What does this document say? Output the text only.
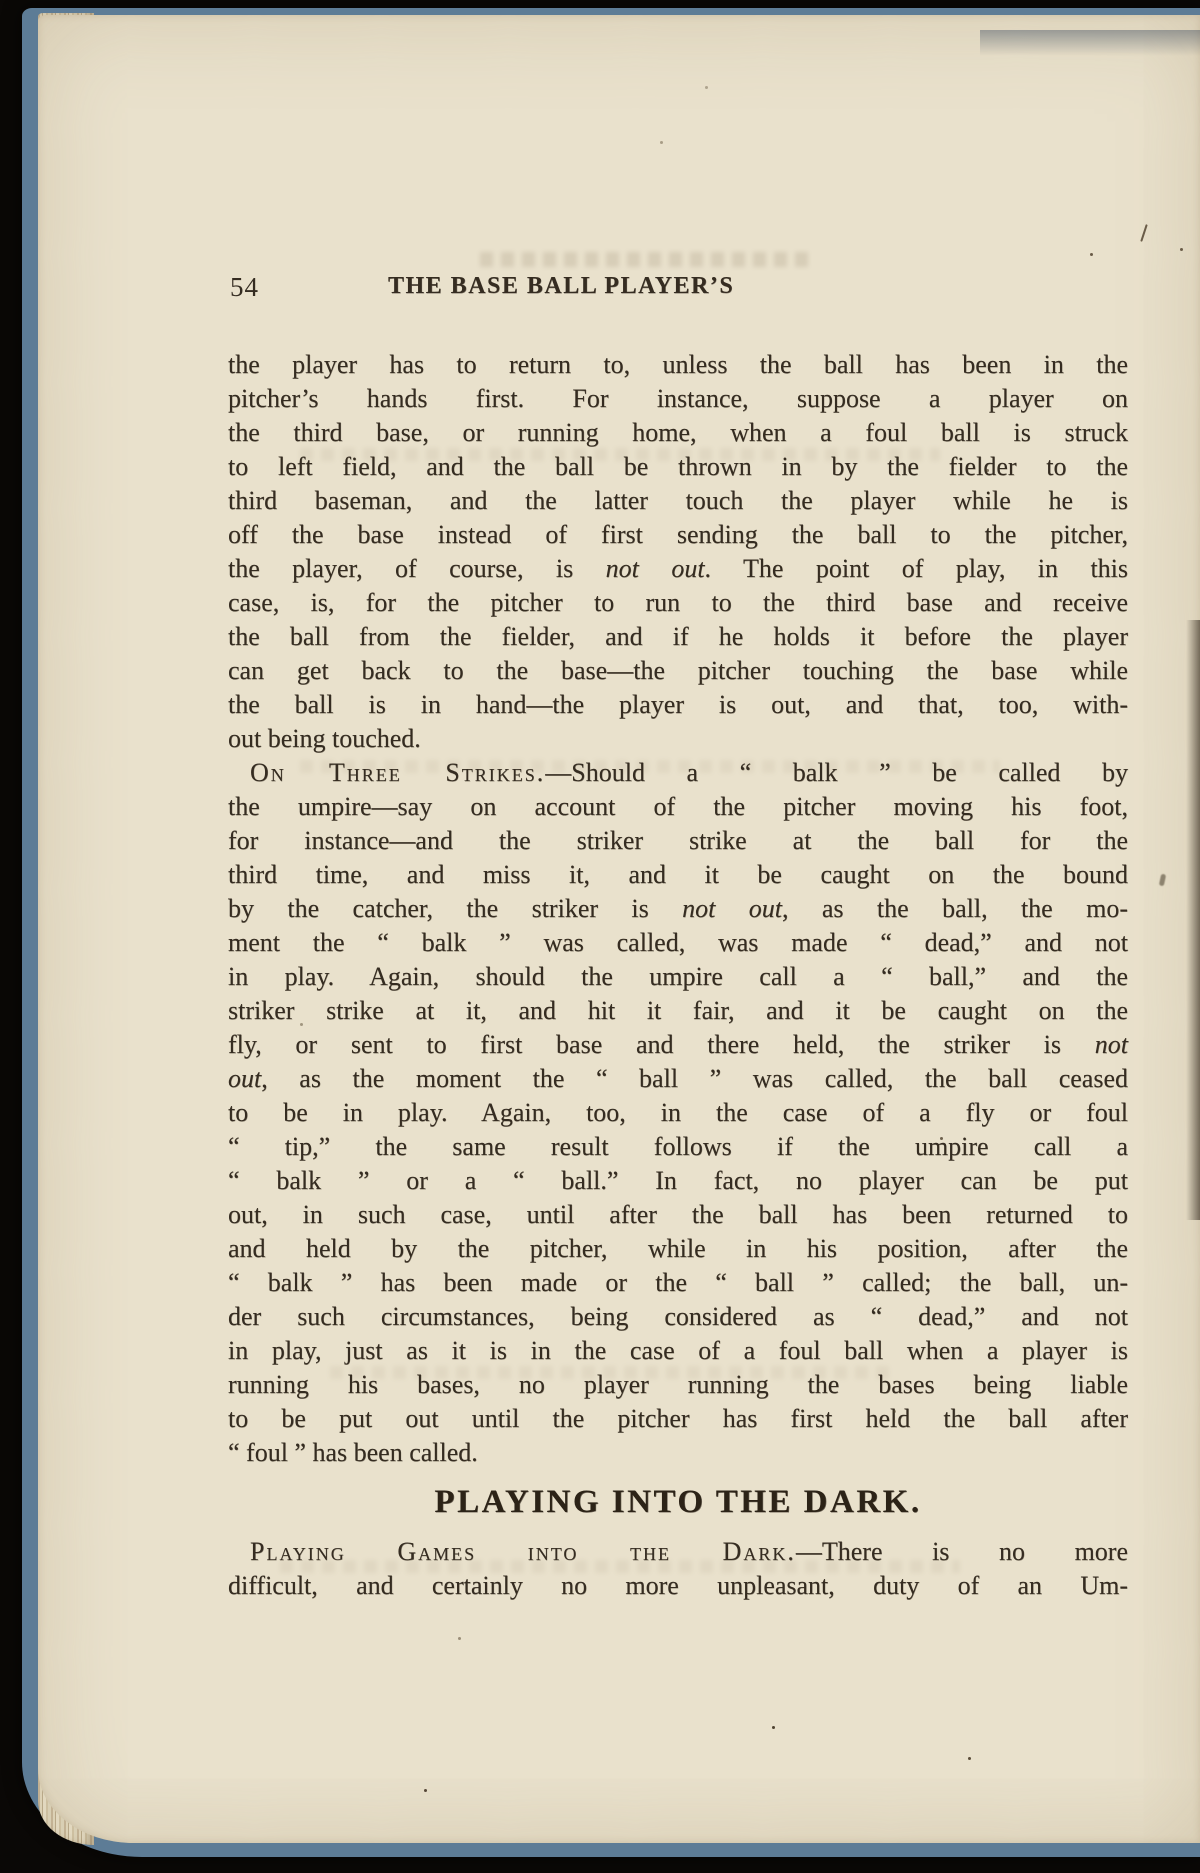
54	THE BASE BALL PLAYER’S
the player has to return to, unless the ball has been in the
pitcher’s hands first. For instance, suppose a player on
the third base, or running home, when a foul ball is struck
to left field, and the ball be thrown in by the fielder to the
third baseman, and the latter touch the player while he is
off the base instead of first sending the ball to the pitcher,
the player, of course, is not out. The point of play, in this
case, is, for the pitcher to run to the third base and receive
the ball from the fielder, and if he holds it before the player
can get back to the base—the pitcher touching the base while
the ball is in hand—the player is out, and that, too, with-
out being touched.
On Three Strikes.—Should a “ balk ” be called by
the umpire—say on account of the pitcher moving his foot,
for instance—and the striker strike at the ball for the
third time, and miss it, and it be caught on the bound
by the catcher, the striker is not out, as the ball, the mo-
ment the “ balk ” was called, was made “ dead,” and not
in play. Again, should the umpire call a “ ball,” and the
striker strike at it, and hit it fair, and it be caught on the
fly, or sent to first base and there held, the striker is not
out, as the moment the “ ball ” was called, the ball ceased
to be in play. Again, too, in the case of a fly or foul
“ tip,” the same result follows if the umpire call a
“ balk ” or a “ ball.” In fact, no player can be put
out, in such case, until after the ball has been returned to
and held by the pitcher, while in his position, after the
“ balk ” has been made or the “ ball ” called; the ball, un-
der such circumstances, being considered as “ dead,” and not
in play, just as it is in the case of a foul ball when a player is
running his bases, no player running the bases being liable
to be put out until the pitcher has first held the ball after
“ foul ” has been called.
PLAYING INTO THE DARK.
Playing Games into the Dark.—There is no more
difficult, and certainly no more unpleasant, duty of an Um-
